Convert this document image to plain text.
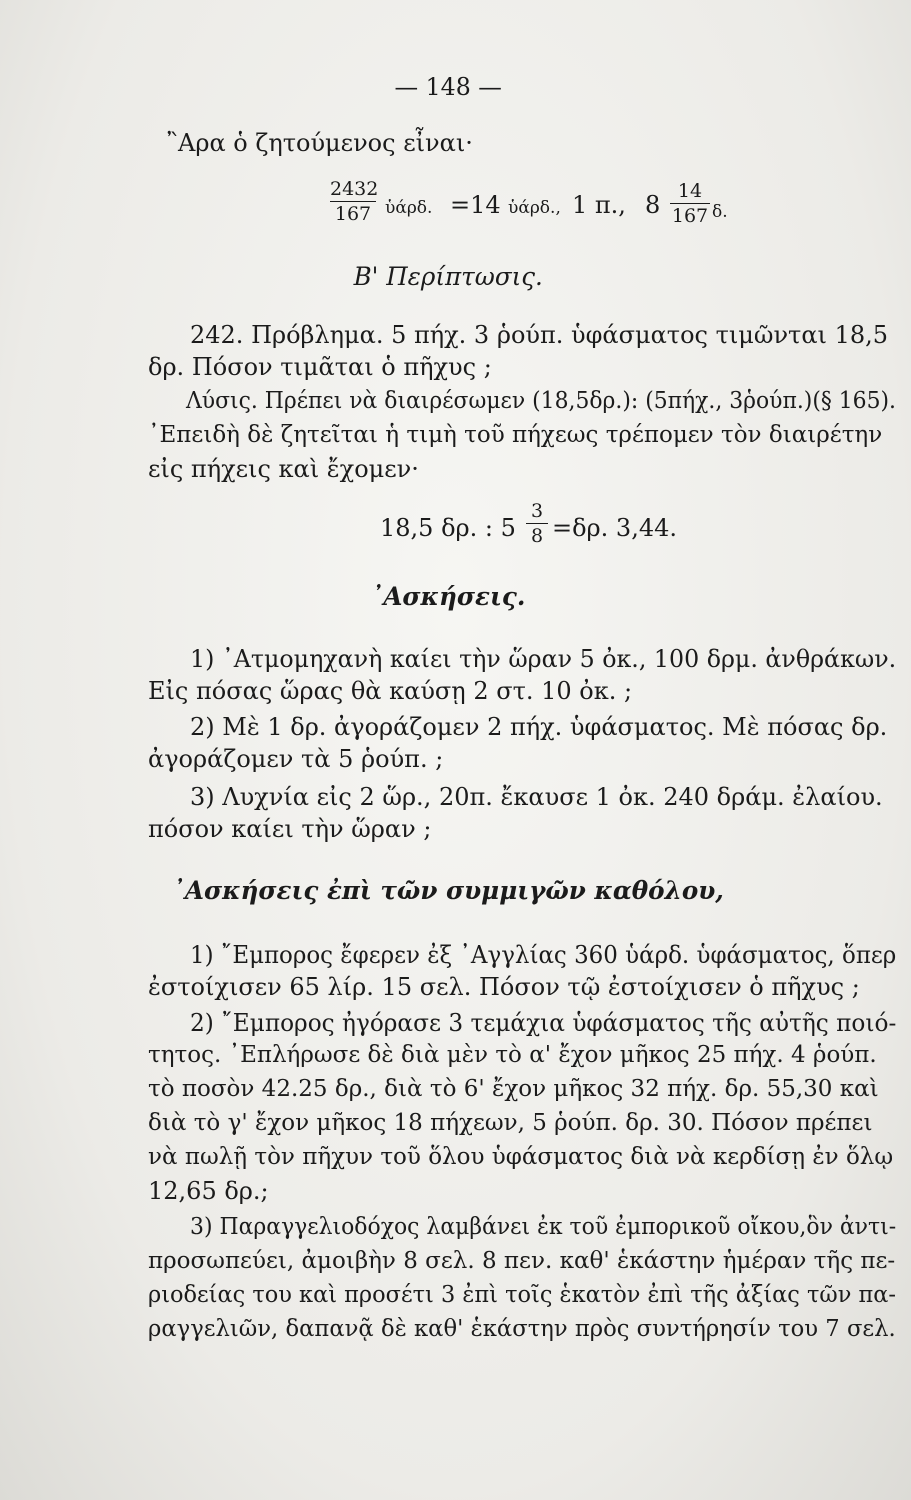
— 148 —
῍Αρα ὁ ζητούμενος εἶναι·
2432
167 ὑάρδ. =14 ὑάρδ., 1 π., 8 14
167 δ.
Β' Περίπτωσις.
242. Πρόβλημα. 5 πήχ. 3 ῥούπ. ὑφάσματος τιμῶνται 18,5
δρ. Πόσον τιμᾶται ὁ πῆχυς ;
Λύσις. Πρέπει νὰ διαιρέσωμεν (18,5δρ.): (5πήχ., 3ῥούπ.)(§ 165).
᾿Επειδὴ δὲ ζητεῖται ἡ τιμὴ τοῦ πήχεως τρέπομεν τὸν διαιρέτην
εἰς πήχεις καὶ ἔχομεν·
18,5 δρ. : 5
3
8 =δρ. 3,44.
᾿Ασκήσεις.
1) ᾿Ατμομηχανὴ καίει τὴν ὥραν 5 ὀκ., 100 δρμ. ἀνθράκων.
Εἰς πόσας ὥρας θὰ καύσῃ 2 στ. 10 ὀκ. ;
2) Μὲ 1 δρ. ἀγοράζομεν 2 πήχ. ὑφάσματος. Μὲ πόσας δρ.
ἀγοράζομεν τὰ 5 ῥούπ. ;
3) Λυχνία εἰς 2 ὥρ., 20π. ἔκαυσε 1 ὀκ. 240 δράμ. ἐλαίου.
πόσον καίει τὴν ὥραν ;
᾿Ασκήσεις ἐπὶ τῶν συμμιγῶν καθόλου,
1) ῎Εμπορος ἔφερεν ἐξ ᾿Αγγλίας 360 ὑάρδ. ὑφάσματος, ὅπερ
ἐστοίχισεν 65 λίρ. 15 σελ. Πόσον τῷ ἐστοίχισεν ὁ πῆχυς ;
2) ῎Εμπορος ἠγόρασε 3 τεμάχια ὑφάσματος τῆς αὐτῆς ποιό-
τητος. ᾿Επλήρωσε δὲ διὰ μὲν τὸ α' ἔχον μῆκος 25 πήχ. 4 ῥούπ.
τὸ ποσὸν 42.25 δρ., διὰ τὸ 6' ἔχον μῆκος 32 πήχ. δρ. 55,30 καὶ
διὰ τὸ γ' ἔχον μῆκος 18 πήχεων, 5 ῥούπ. δρ. 30. Πόσον πρέπει
νὰ πωλῇ τὸν πῆχυν τοῦ ὅλου ὑφάσματος διὰ νὰ κερδίσῃ ἐν ὅλῳ
12,65 δρ.;
3) Παραγγελιοδόχος λαμβάνει ἐκ τοῦ ἐμπορικοῦ οἴκου,ὃν ἀντι-
προσωπεύει, ἀμοιβὴν 8 σελ. 8 πεν. καθ' ἑκάστην ἡμέραν τῆς πε-
ριοδείας του καὶ προσέτι 3 ἐπὶ τοῖς ἑκατὸν ἐπὶ τῆς ἀξίας τῶν πα-
ραγγελιῶν, δαπανᾷ δὲ καθ' ἑκάστην πρὸς συντήρησίν του 7 σελ.
